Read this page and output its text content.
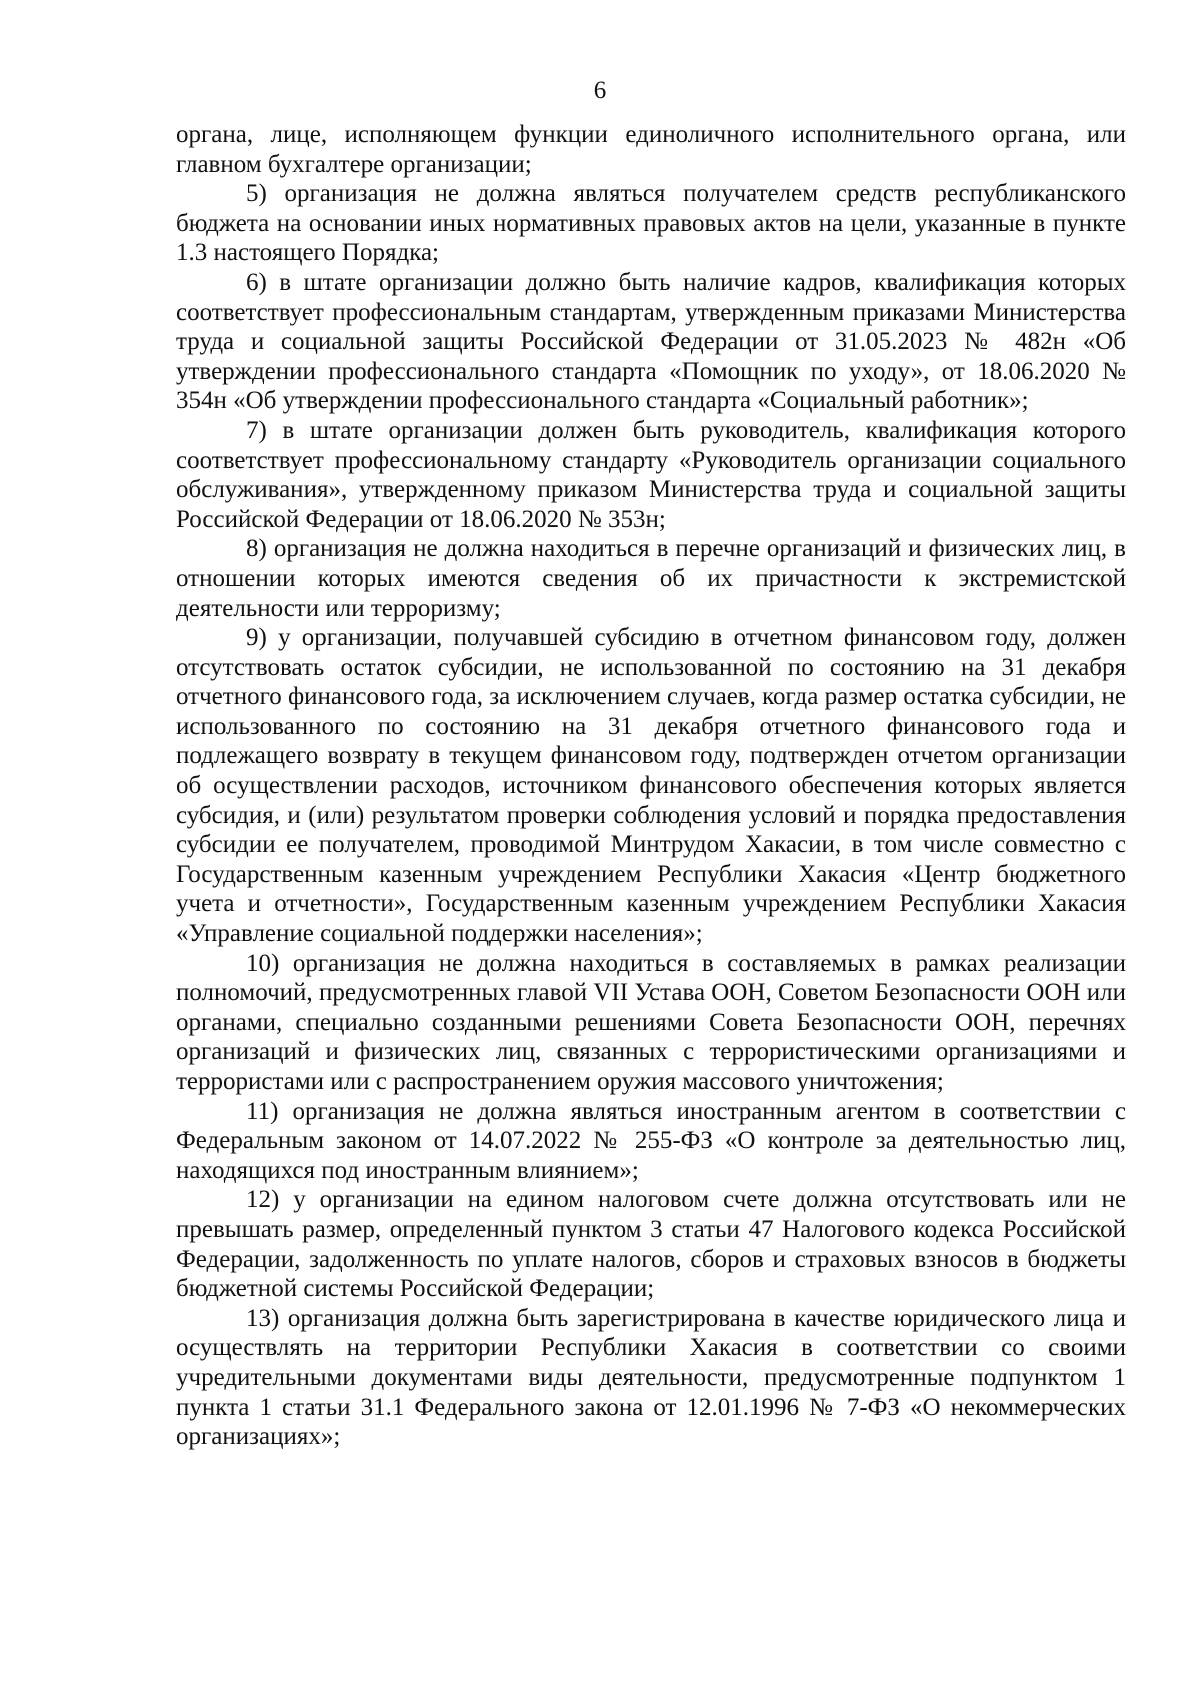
6

органа, лице, исполняющем функции единоличного исполнительного органа, или главном бухгалтере организации;

5) организация не должна являться получателем средств республиканского бюджета на основании иных нормативных правовых актов на цели, указанные в пункте 1.3 настоящего Порядка;

6) в штате организации должно быть наличие кадров, квалификация которых соответствует профессиональным стандартам, утвержденным приказами Министерства труда и социальной защиты Российской Федерации от 31.05.2023 № 482н «Об утверждении профессионального стандарта «Помощник по уходу», от 18.06.2020 № 354н «Об утверждении профессионального стандарта «Социальный работник»;

7) в штате организации должен быть руководитель, квалификация которого соответствует профессиональному стандарту «Руководитель организации социального обслуживания», утвержденному приказом Министерства труда и социальной защиты Российской Федерации от 18.06.2020 № 353н;

8) организация не должна находиться в перечне организаций и физических лиц, в отношении которых имеются сведения об их причастности к экстремистской деятельности или терроризму;

9) у организации, получавшей субсидию в отчетном финансовом году, должен отсутствовать остаток субсидии, не использованной по состоянию на 31 декабря отчетного финансового года, за исключением случаев, когда размер остатка субсидии, не использованного по состоянию на 31 декабря отчетного финансового года и подлежащего возврату в текущем финансовом году, подтвержден отчетом организации об осуществлении расходов, источником финансового обеспечения которых является субсидия, и (или) результатом проверки соблюдения условий и порядка предоставления субсидии ее получателем, проводимой Минтрудом Хакасии, в том числе совместно с Государственным казенным учреждением Республики Хакасия «Центр бюджетного учета и отчетности», Государственным казенным учреждением Республики Хакасия «Управление социальной поддержки населения»;

10) организация не должна находиться в составляемых в рамках реализации полномочий, предусмотренных главой VII Устава ООН, Советом Безопасности ООН или органами, специально созданными решениями Совета Безопасности ООН, перечнях организаций и физических лиц, связанных с террористическими организациями и террористами или с распространением оружия массового уничтожения;

11) организация не должна являться иностранным агентом в соответствии с Федеральным законом от 14.07.2022 № 255-ФЗ «О контроле за деятельностью лиц, находящихся под иностранным влиянием»;

12) у организации на едином налоговом счете должна отсутствовать или не превышать размер, определенный пунктом 3 статьи 47 Налогового кодекса Российской Федерации, задолженность по уплате налогов, сборов и страховых взносов в бюджеты бюджетной системы Российской Федерации;

13) организация должна быть зарегистрирована в качестве юридического лица и осуществлять на территории Республики Хакасия в соответствии со своими учредительными документами виды деятельности, предусмотренные подпунктом 1 пункта 1 статьи 31.1 Федерального закона от 12.01.1996 № 7-ФЗ «О некоммерческих организациях»;
